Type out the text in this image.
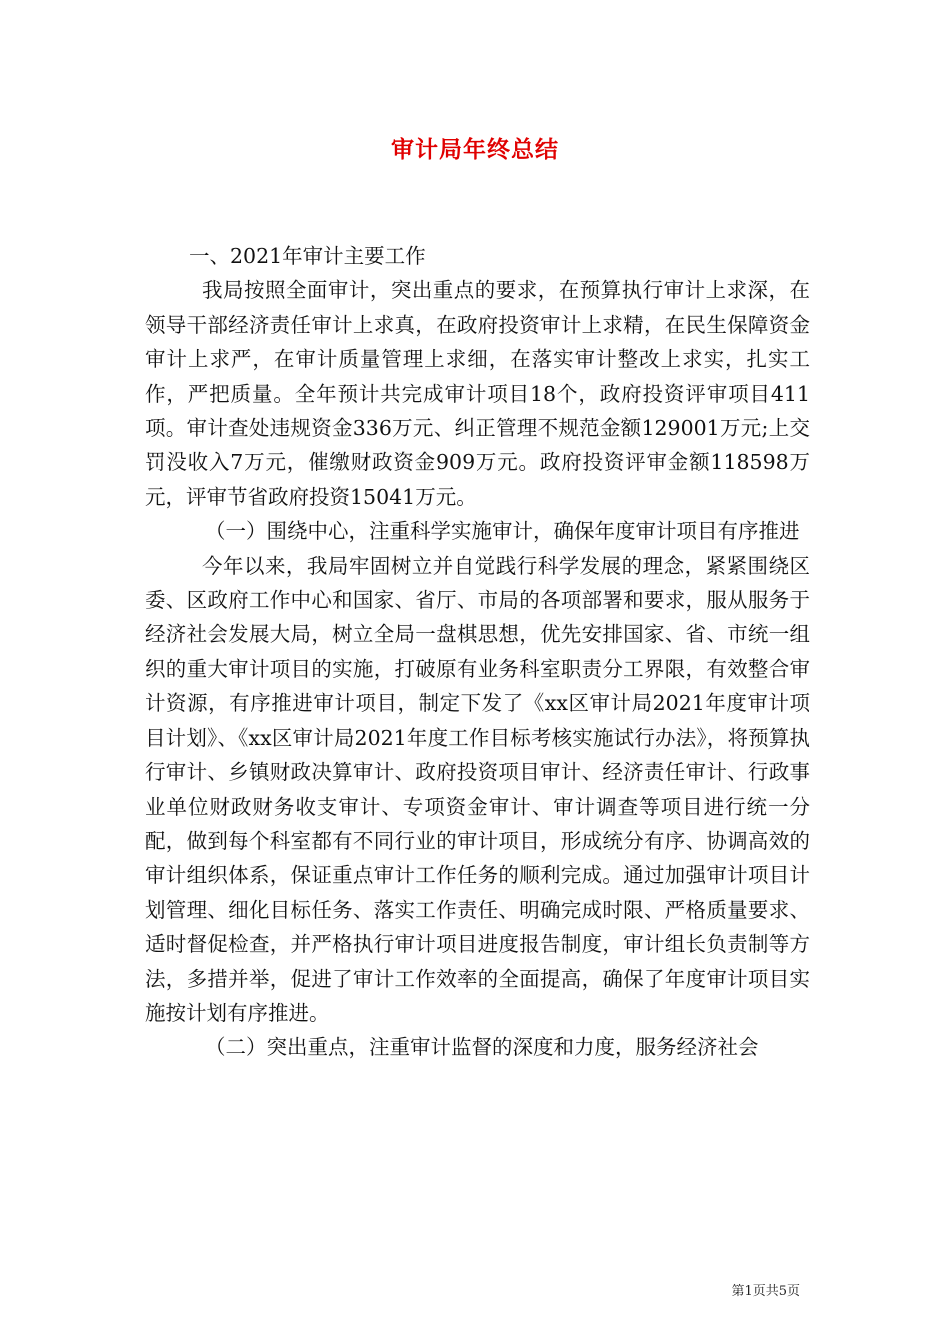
审计局年终总结

一、2021年审计主要工作

我局按照全面审计，突出重点的要求，在预算执行审计上求深，在领导干部经济责任审计上求真，在政府投资审计上求精，在民生保障资金审计上求严，在审计质量管理上求细，在落实审计整改上求实，扎实工作，严把质量。全年预计共完成审计项目18个，政府投资评审项目411项。审计查处违规资金336万元、纠正管理不规范金额129001万元;上交罚没收入7万元，催缴财政资金909万元。政府投资评审金额118598万元，评审节省政府投资15041万元。

（一）围绕中心，注重科学实施审计，确保年度审计项目有序推进

今年以来，我局牢固树立并自觉践行科学发展的理念，紧紧围绕区委、区政府工作中心和国家、省厅、市局的各项部署和要求，服从服务于经济社会发展大局，树立全局一盘棋思想，优先安排国家、省、市统一组织的重大审计项目的实施，打破原有业务科室职责分工界限，有效整合审计资源，有序推进审计项目，制定下发了《xx区审计局2021年度审计项目计划》、《xx区审计局2021年度工作目标考核实施试行办法》，将预算执行审计、乡镇财政决算审计、政府投资项目审计、经济责任审计、行政事业单位财政财务收支审计、专项资金审计、审计调查等项目进行统一分配，做到每个科室都有不同行业的审计项目，形成统分有序、协调高效的审计组织体系，保证重点审计工作任务的顺利完成。通过加强审计项目计划管理、细化目标任务、落实工作责任、明确完成时限、严格质量要求、适时督促检查，并严格执行审计项目进度报告制度，审计组长负责制等方法，多措并举，促进了审计工作效率的全面提高，确保了年度审计项目实施按计划有序推进。

（二）突出重点，注重审计监督的深度和力度，服务经济社会

第1页共5页
